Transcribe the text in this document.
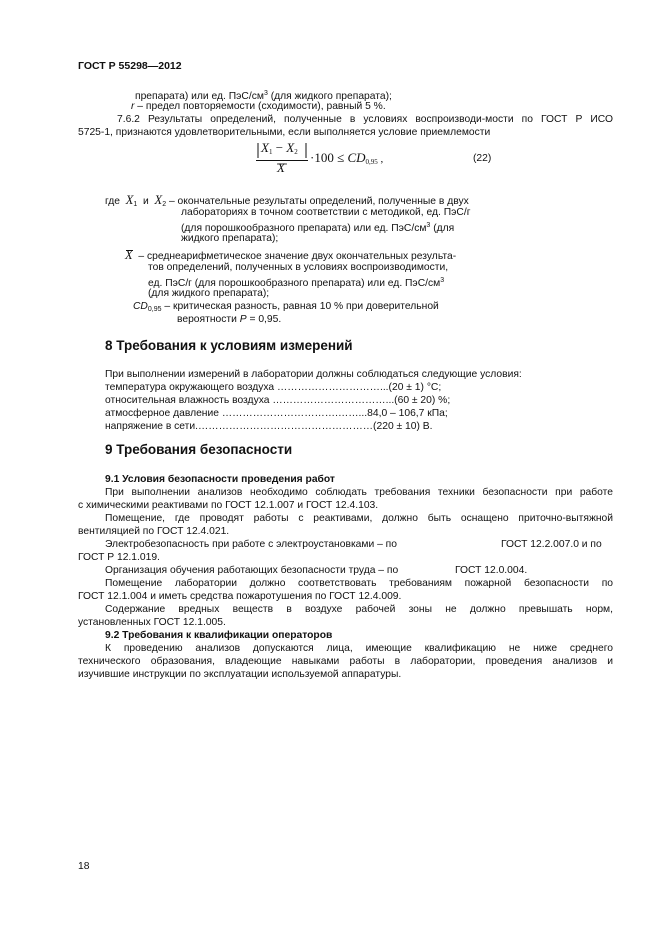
ГОСТ Р 55298—2012
препарата) или ед. ПэС/$см^3$ (для жидкого препарата);
r – предел повторяемости (сходимости), равный 5 %.
7.6.2 Результаты определений, полученные в условиях воспроизводи-мости по ГОСТ Р ИСО
5725-1, признаются удовлетворительными, если выполняется условие приемлемости
$X_1 - X_2$
X
$\cdot 100 \le CD_{0,95}$ ,	(22)
где $X_1$ и $X_2$ – окончательные результаты определений, полученные в двух
лабораториях в точном соответствии с методикой, ед. ПэС/г
(для порошкообразного препарата) или ед. ПэС/$см^3$ (для
жидкого препарата);
X – среднеарифметическое значение двух окончательных результа-
тов определений, полученных в условиях воспроизводимости,
ед. ПэС/г (для порошкообразного препарата) или ед. ПэС/$см^3$
(для жидкого препарата);
$CD_{0,95}$ – критическая разность, равная 10 % при доверительной
вероятности P = 0,95.
8 Требования к условиям измерений
При выполнении измерений в лаборатории должны соблюдаться следующие условия:
температура окружающего воздуха …………………………...(20 ± 1) °С;
относительная влажность воздуха ……………………………...(60 ± 20) %;
атмосферное давление …………………………….……...84,0 – 106,7 кПа;
напряжение в сети.……………………………………………(220 ± 10) В.
9 Требования безопасности
9.1 Условия безопасности проведения работ
При выполнении анализов необходимо соблюдать требования техники безопасности при работе
с химическими реактивами по ГОСТ 12.1.007 и ГОСТ 12.4.103.
Помещение, где проводят работы с реактивами, должно быть оснащено приточно-вытяжной
вентиляцией по ГОСТ 12.4.021.
Электробезопасность при работе с электроустановками – по	ГОСТ 12.2.007.0 и по
ГОСТ Р 12.1.019.
Организация обучения работающих безопасности труда – по	ГОСТ 12.0.004.
Помещение лаборатории должно соответствовать требованиям пожарной безопасности по
ГОСТ 12.1.004 и иметь средства пожаротушения по ГОСТ 12.4.009.
Содержание вредных веществ в воздухе рабочей зоны не должно превышать норм,
установленных ГОСТ 12.1.005.
9.2 Требования к квалификации операторов
К проведению анализов допускаются лица, имеющие квалификацию не ниже среднего
технического образования, владеющие навыками работы в лаборатории, проведения анализов и
изучившие инструкции по эксплуатации используемой аппаратуры.
18
